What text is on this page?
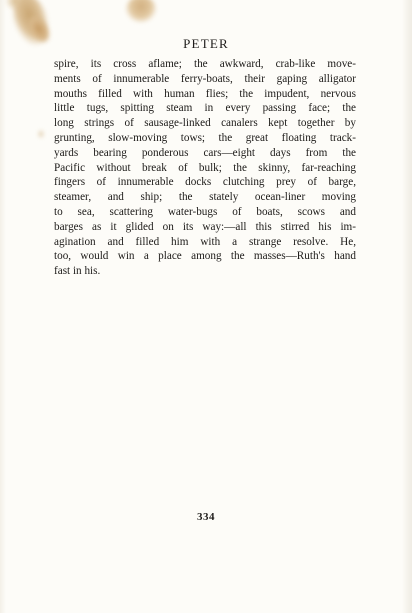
PETER
spire, its cross aflame; the awkward, crab-like move-
ments of innumerable ferry-boats, their gaping alligator
mouths filled with human flies; the impudent, nervous
little tugs, spitting steam in every passing face; the
long strings of sausage-linked canalers kept together by
grunting, slow-moving tows; the great floating track-
yards bearing ponderous cars—eight days from the
Pacific without break of bulk; the skinny, far-reaching
fingers of innumerable docks clutching prey of barge,
steamer, and ship; the stately ocean-liner moving
to sea, scattering water-bugs of boats, scows and
barges as it glided on its way:—all this stirred his im-
agination and filled him with a strange resolve. He,
too, would win a place among the masses—Ruth's hand
fast in his.
334
